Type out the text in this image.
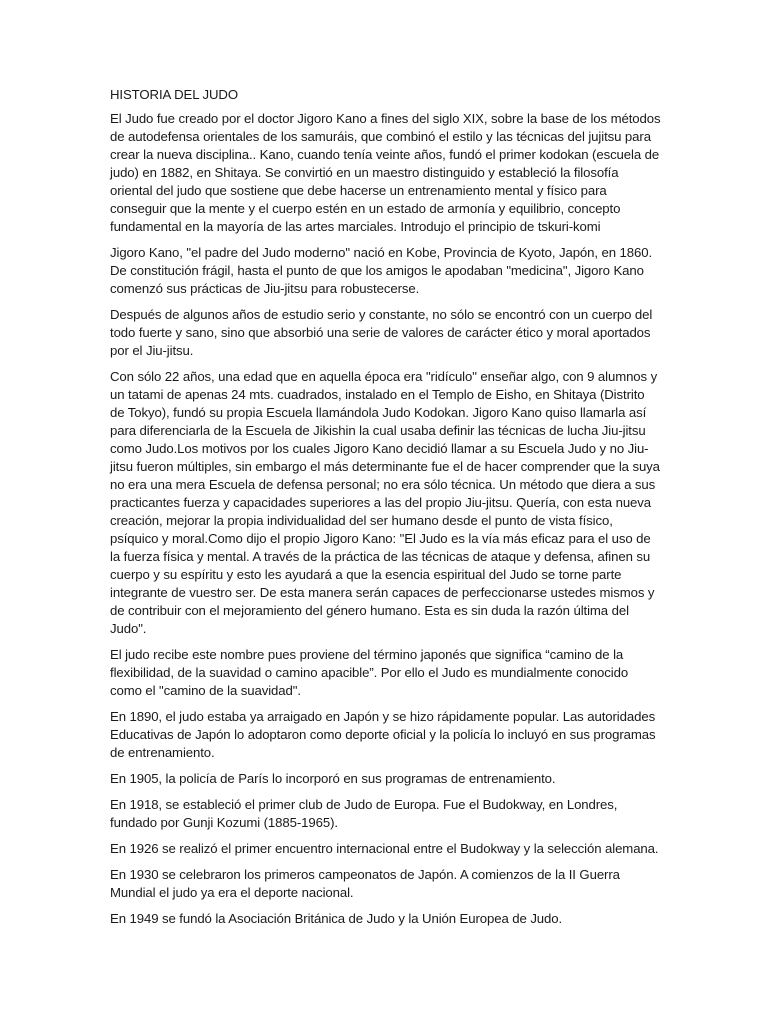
HISTORIA DEL JUDO

El Judo fue creado por el doctor Jigoro Kano a fines del siglo XIX, sobre la base de los métodos de autodefensa orientales de los samuráis, que combinó el estilo y las técnicas del jujitsu para crear la nueva disciplina.. Kano, cuando tenía veinte años, fundó el primer kodokan (escuela de judo) en 1882, en Shitaya. Se convirtió en un maestro distinguido y estableció la filosofía oriental del judo que sostiene que debe hacerse un entrenamiento mental y físico para conseguir que la mente y el cuerpo estén en un estado de armonía y equilibrio, concepto fundamental en la mayoría de las artes marciales. Introdujo el principio de tskuri-komi

Jigoro Kano, "el padre del Judo moderno" nació en Kobe, Provincia de Kyoto, Japón, en 1860. De constitución frágil, hasta el punto de que los amigos le apodaban "medicina", Jigoro Kano comenzó sus prácticas de Jiu-jitsu para robustecerse.

Después de algunos años de estudio serio y constante, no sólo se encontró con un cuerpo del todo fuerte y sano, sino que absorbió una serie de valores de carácter ético y moral aportados por el Jiu-jitsu.

Con sólo 22 años, una edad que en aquella época era "ridículo" enseñar algo, con 9 alumnos y un tatami de apenas 24 mts. cuadrados, instalado en el Templo de Eisho, en Shitaya (Distrito de Tokyo), fundó su propia Escuela llamándola Judo Kodokan. Jigoro Kano quiso llamarla así para diferenciarla de la Escuela de Jikishin la cual usaba definir las técnicas de lucha Jiu-jitsu como Judo.Los motivos por los cuales Jigoro Kano decidió llamar a su Escuela Judo y no Jiu-jitsu fueron múltiples, sin embargo el más determinante fue el de hacer comprender que la suya no era una mera Escuela de defensa personal; no era sólo técnica. Un método que diera a sus practicantes fuerza y capacidades superiores a las del propio Jiu-jitsu. Quería, con esta nueva creación, mejorar la propia individualidad del ser humano desde el punto de vista físico, psíquico y moral.Como dijo el propio Jigoro Kano: "El Judo es la vía más eficaz para el uso de la fuerza física y mental. A través de la práctica de las técnicas de ataque y defensa, afinen su cuerpo y su espíritu y esto les ayudará a que la esencia espiritual del Judo se torne parte integrante de vuestro ser. De esta manera serán capaces de perfeccionarse ustedes mismos y de contribuir con el mejoramiento del género humano. Esta es sin duda la razón última del Judo".

El judo recibe este nombre pues proviene del término japonés que significa “camino de la flexibilidad, de la suavidad o camino apacible”. Por ello el Judo es mundialmente conocido como el "camino de la suavidad".

En 1890, el judo estaba ya arraigado en Japón y se hizo rápidamente popular. Las autoridades Educativas de Japón lo adoptaron como deporte oficial y la policía lo incluyó en sus programas de entrenamiento.

En 1905, la policía de París lo incorporó en sus programas de entrenamiento.

En 1918, se estableció el primer club de Judo de Europa. Fue el Budokway, en Londres, fundado por Gunji Kozumi (1885-1965).

En 1926 se realizó el primer encuentro internacional entre el Budokway y la selección alemana.

En 1930 se celebraron los primeros campeonatos de Japón. A comienzos de la II Guerra Mundial el judo ya era el deporte nacional.

En 1949 se fundó la Asociación Británica de Judo y la Unión Europea de Judo.
